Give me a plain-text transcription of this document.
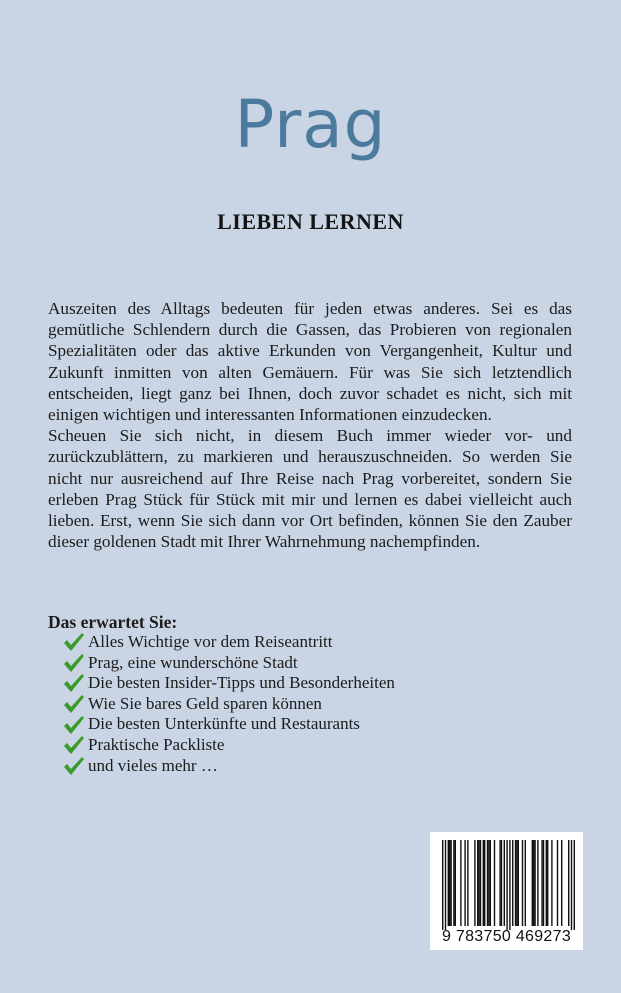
Prag
LIEBEN LERNEN

Auszeiten des Alltags bedeuten für jeden etwas anderes. Sei es das gemütliche Schlendern durch die Gassen, das Probieren von regionalen Spezialitäten oder das aktive Erkunden von Vergangenheit, Kultur und Zukunft inmitten von alten Gemäuern. Für was Sie sich letztendlich entscheiden, liegt ganz bei Ihnen, doch zuvor schadet es nicht, sich mit einigen wichtigen und interessanten Informationen einzudecken.

Scheuen Sie sich nicht, in diesem Buch immer wieder vor- und zurückzublättern, zu markieren und herauszuschneiden. So werden Sie nicht nur ausreichend auf Ihre Reise nach Prag vorbereitet, sondern Sie erleben Prag Stück für Stück mit mir und lernen es dabei vielleicht auch lieben. Erst, wenn Sie sich dann vor Ort befinden, können Sie den Zauber dieser goldenen Stadt mit Ihrer Wahrnehmung nachempfinden.

Das erwartet Sie:
Alles Wichtige vor dem Reiseantritt
Prag, eine wunderschöne Stadt
Die besten Insider-Tipps und Besonderheiten
Wie Sie bares Geld sparen können
Die besten Unterkünfte und Restaurants
Praktische Packliste
und vieles mehr …
9 783750 469273
